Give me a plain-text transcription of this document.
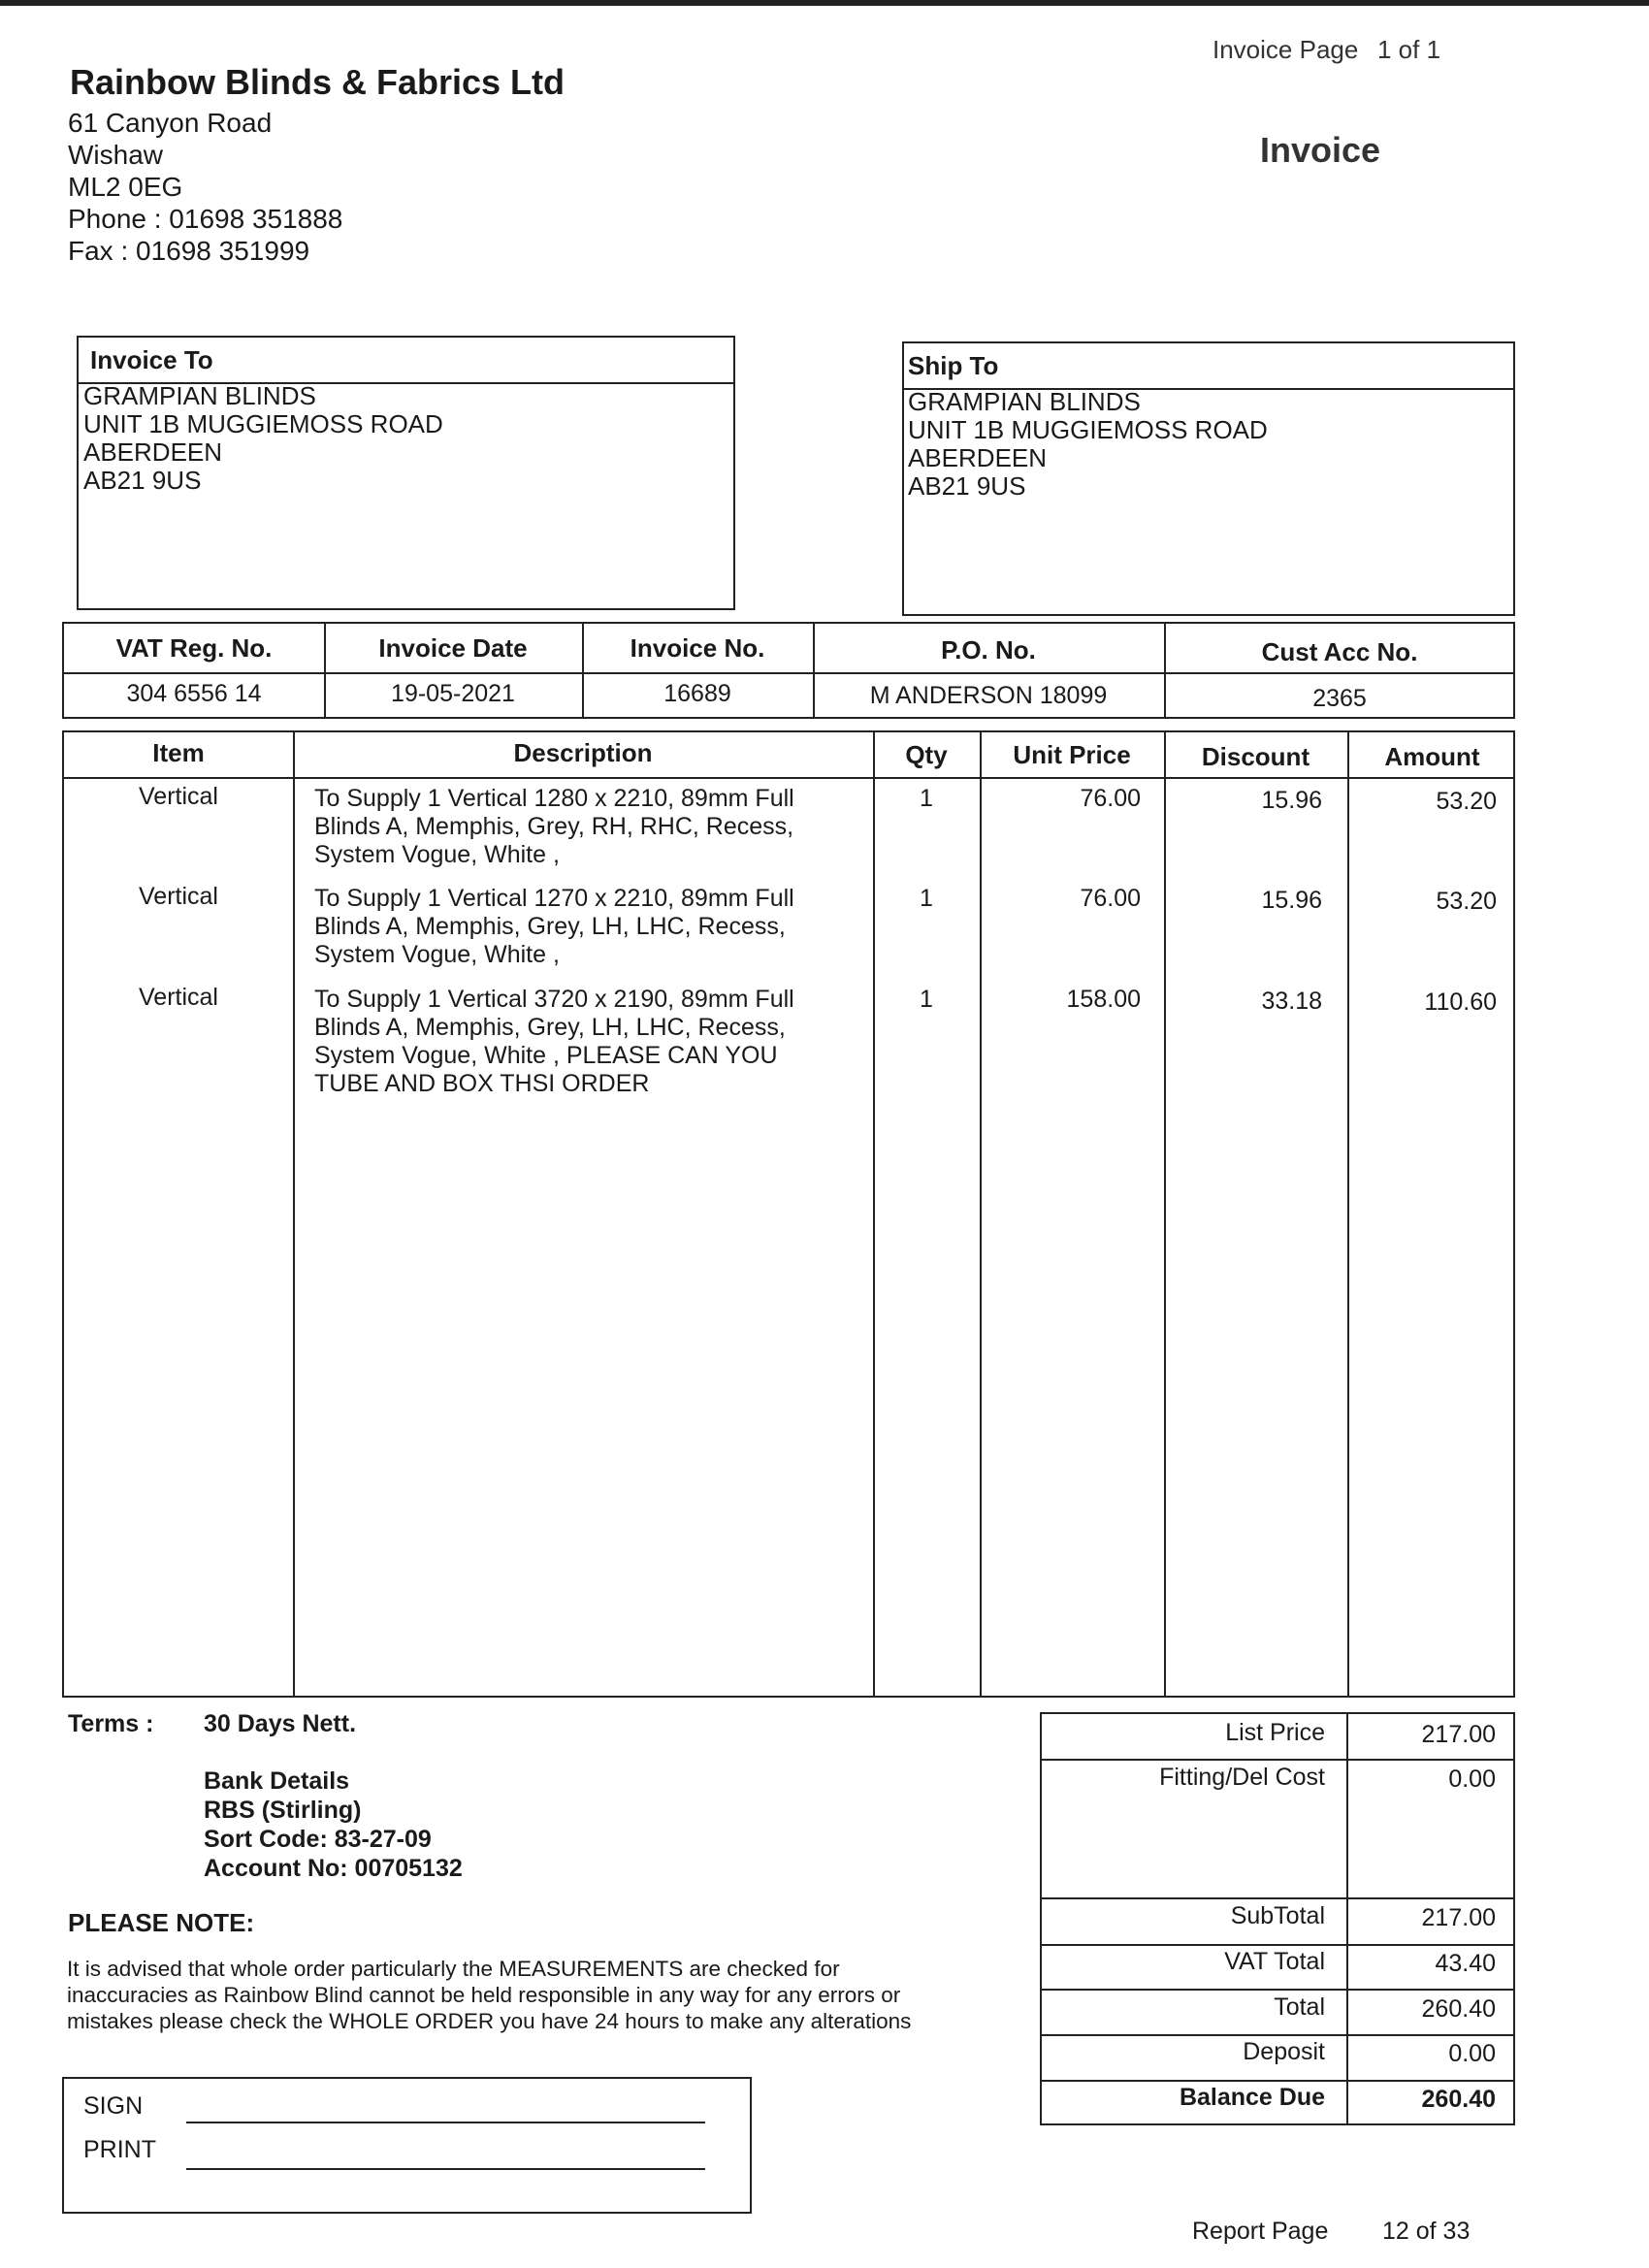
Invoice Page 1 of 1
Rainbow Blinds & Fabrics Ltd
61 Canyon Road
Wishaw
ML2 0EG
Phone : 01698 351888
Fax : 01698 351999
Invoice
Invoice To
GRAMPIAN BLINDS
UNIT 1B MUGGIEMOSS ROAD
ABERDEEN
AB21 9US
Ship To
GRAMPIAN BLINDS
UNIT 1B MUGGIEMOSS ROAD
ABERDEEN
AB21 9US
VAT Reg. No.	Invoice Date	Invoice No.	P.O. No.	Cust Acc No.
304 6556 14	19-05-2021	16689	M ANDERSON 18099	2365
Item	Description	Qty	Unit Price	Discount	Amount
Vertical	To Supply 1 Vertical 1280 x 2210, 89mm Full
Blinds A, Memphis, Grey, RH, RHC, Recess,
System Vogue, White ,
1	76.00	15.96	53.20
Vertical	To Supply 1 Vertical 1270 x 2210, 89mm Full
Blinds A, Memphis, Grey, LH, LHC, Recess,
System Vogue, White ,
1	76.00	15.96	53.20
Vertical	To Supply 1 Vertical 3720 x 2190, 89mm Full
Blinds A, Memphis, Grey, LH, LHC, Recess,
System Vogue, White , PLEASE CAN YOU
TUBE AND BOX THSI ORDER
1	158.00	33.18	110.60
Terms : 30 Days Nett.
Bank Details
RBS (Stirling)
Sort Code: 83-27-09
Account No: 00705132
PLEASE NOTE:
It is advised that whole order particularly the MEASUREMENTS are checked for
inaccuracies as Rainbow Blind cannot be held responsible in any way for any errors or
mistakes please check the WHOLE ORDER you have 24 hours to make any alterations
SIGN
PRINT
List Price	217.00
Fitting/Del Cost	0.00
SubTotal	217.00
VAT Total	43.40
Total	260.40
Deposit	0.00
Balance Due	260.40
Report Page 12 of 33
